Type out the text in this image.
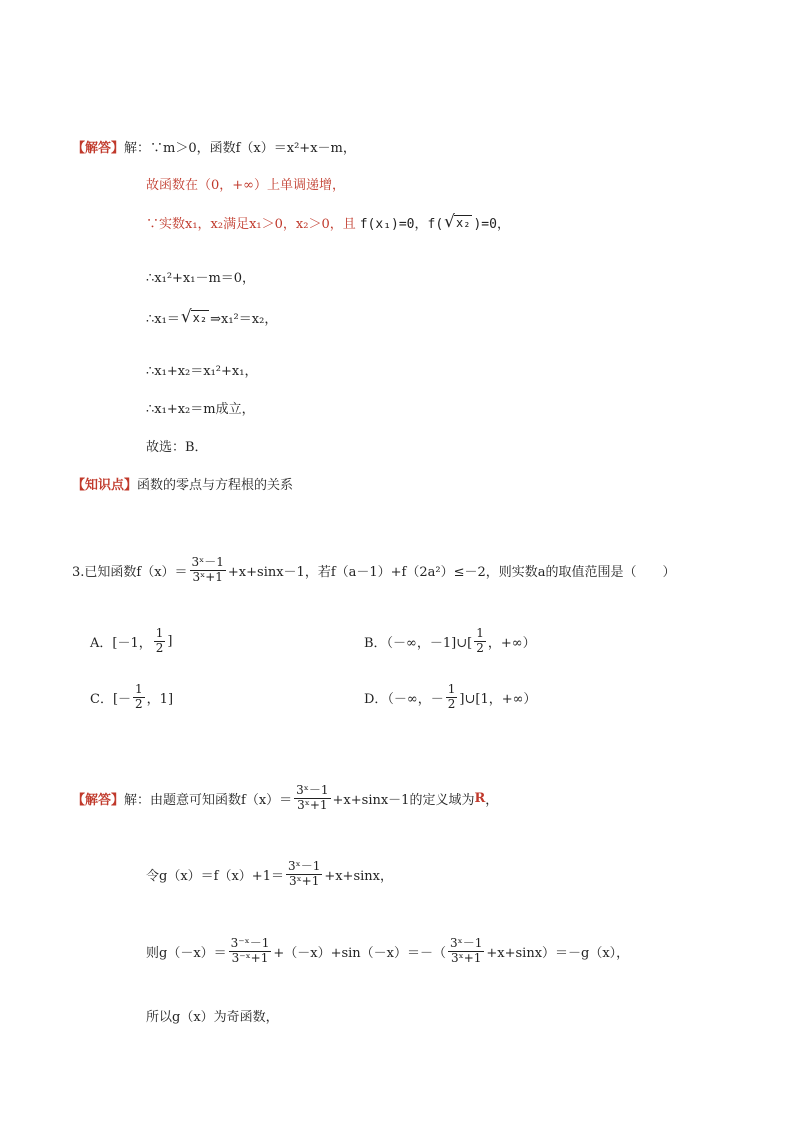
【解答】 解：∵m＞0，函数f（x）＝x²+x－m，
故函数在（0，+∞）上单调递增，
∵实数x₁，x₂满足x₁＞0，x₂＞0，且 f(x₁)=0，f( √ x₂ )=0，
∴x₁²+x₁－m＝0，
∴x₁＝ √ x₂ ⇒x₁²＝x₂，
∴x₁+x₂＝x₁²+x₁，
∴x₁+x₂＝m成立，
故选：B．
【知识点】 函数的零点与方程根的关系
3.已知函数$f(x)= \frac{\text{3ˣ－1}}{\text{3ˣ+1}} +x+\sin x-1$，若f（a－1）+f（2a²）≤－2，则实数a的取值范围是（　　）
A．[－1， $\frac{1}{2}$ ]	B．（－∞，－1]∪[ $\frac{1}{2}$ ，+∞）
C．[－ $\frac{1}{2}$ ，1]	D．（－∞，－ $\frac{1}{2}$ ]∪[1，+∞）
【解答】 解：由题意可知函数$f(x)= \frac{\text{3ˣ－1}}{\text{3ˣ+1}} +x+\sin x-1$的定义域为 R ，
令$g(x)=f(x)+1= \frac{\text{3ˣ－1}}{\text{3ˣ+1}} +x+\sin x$，
则$g(-x)= \frac{\text{3⁻ˣ－1}}{\text{3⁻ˣ+1}} +(-x)+\sin(-x)=-( \frac{\text{3ˣ－1}}{\text{3ˣ+1}} +x+\sin x)=-g(x)$，
所以g（x）为奇函数，
